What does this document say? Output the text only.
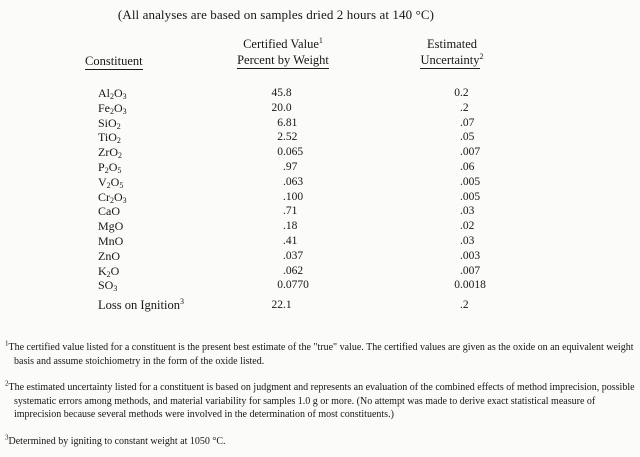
(All analyses are based on samples dried 2 hours at 140 °C)
Constituent
Certified Value$^1$
Percent by Weight
Estimated
Uncertainty$^2$
$Al_2O_3$	45 .8	0 .2
$Fe_2O_3$	20 .0	.2
SiO$_2$	6 .81	.07
TiO$_2$	2 .52	.05
ZrO$_2$	0 .065	.007
$P_2O_5$	.97	.06
$V_2O_5$	.063	.005
$Cr_2O_3$	.100	.005
CaO	.71	.03
MgO	.18	.02
MnO	.41	.03
ZnO	.037	.003
$K_2O$	.062	.007
$SO_3$	0 .0770	0 .0018
Loss on Ignition$^3$	22 .1	.2
$^1$The certified value listed for a constituent is the present best estimate of the "true" value. The certified values are given as the oxide on an equivalent weight basis and assume stoichiometry in the form of the oxide listed.
$^2$The estimated uncertainty listed for a constituent is based on judgment and represents an evaluation of the combined effects of method imprecision, possible systematic errors among methods, and material variability for samples 1.0 g or more. (No attempt was made to derive exact statistical measure of imprecision because several methods were involved in the determination of most constituents.)
$^3$Determined by igniting to constant weight at 1050 °C.
